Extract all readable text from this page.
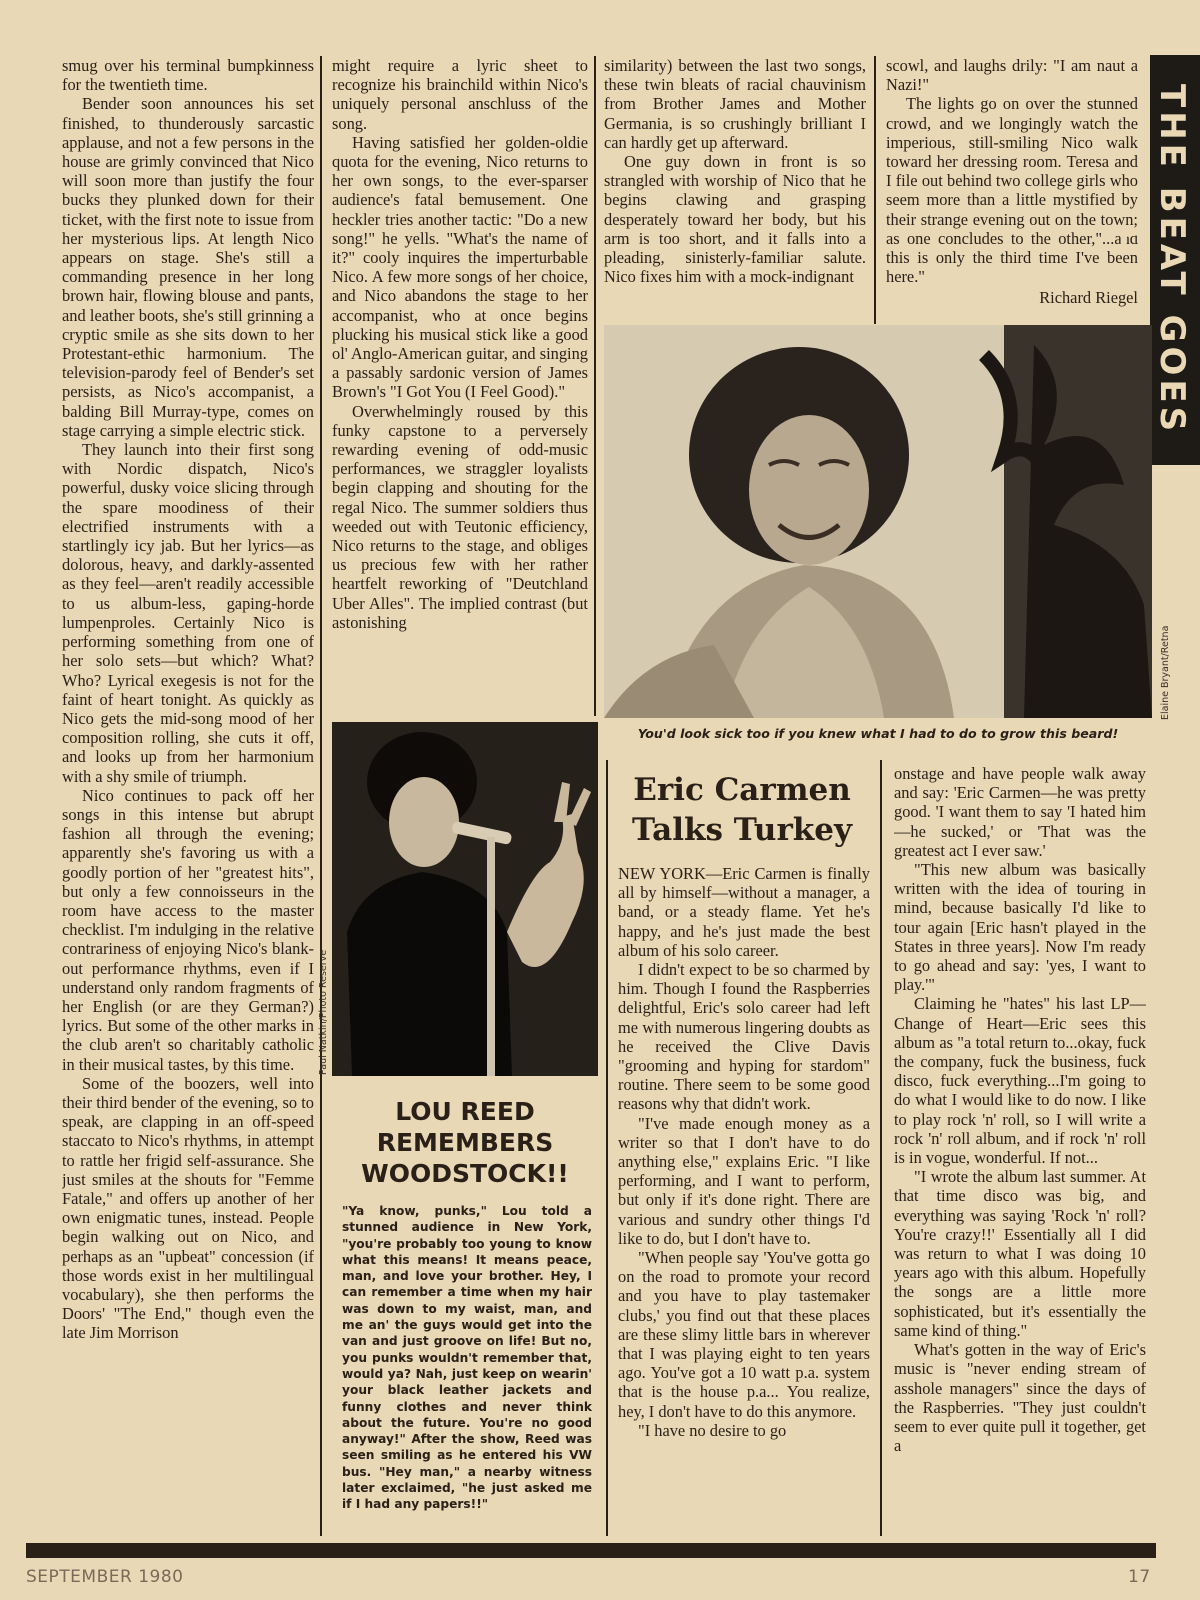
smug over his terminal bumpkinness for the twentieth time.

Bender soon announces his set finished, to thunderously sarcastic applause, and not a few persons in the house are grimly convinced that Nico will soon more than justify the four bucks they plunked down for their ticket, with the first note to issue from her mysterious lips. At length Nico appears on stage. She's still a commanding presence in her long brown hair, flowing blouse and pants, and leather boots, she's still grinning a cryptic smile as she sits down to her Protestant-ethic harmonium. The television-parody feel of Bender's set persists, as Nico's accompanist, a balding Bill Murray-type, comes on stage carrying a simple electric stick.

They launch into their first song with Nordic dispatch, Nico's powerful, dusky voice slicing through the spare moodiness of their electrified instruments with a startlingly icy jab. But her lyrics—as dolorous, heavy, and darkly-assented as they feel—aren't readily accessible to us album-less, gaping-horde lumpenproles. Certainly Nico is performing something from one of her solo sets—but which? What? Who? Lyrical exegesis is not for the faint of heart tonight. As quickly as Nico gets the mid-song mood of her composition rolling, she cuts it off, and looks up from her harmonium with a shy smile of triumph.

Nico continues to pack off her songs in this intense but abrupt fashion all through the evening; apparently she's favoring us with a goodly portion of her "greatest hits", but only a few connoisseurs in the room have access to the master checklist. I'm indulging in the relative contrariness of enjoying Nico's blank-out performance rhythms, even if I understand only random fragments of her English (or are they German?) lyrics. But some of the other marks in the club aren't so charitably catholic in their musical tastes, by this time.

Some of the boozers, well into their third bender of the evening, so to speak, are clapping in an off-speed staccato to Nico's rhythms, in attempt to rattle her frigid self-assurance. She just smiles at the shouts for "Femme Fatale," and offers up another of her own enigmatic tunes, instead. People begin walking out on Nico, and perhaps as an "upbeat" concession (if those words exist in her multilingual vocabulary), she then performs the Doors' "The End," though even the late Jim Morrison

might require a lyric sheet to recognize his brainchild within Nico's uniquely personal anschluss of the song.

Having satisfied her golden-oldie quota for the evening, Nico returns to her own songs, to the ever-sparser audience's fatal bemusement. One heckler tries another tactic: "Do a new song!" he yells. "What's the name of it?" cooly inquires the imperturbable Nico. A few more songs of her choice, and Nico abandons the stage to her accompanist, who at once begins plucking his musical stick like a good ol' Anglo-American guitar, and singing a passably sardonic version of James Brown's "I Got You (I Feel Good)."

Overwhelmingly roused by this funky capstone to a perversely rewarding evening of odd-music performances, we straggler loyalists begin clapping and shouting for the regal Nico. The summer soldiers thus weeded out with Teutonic efficiency, Nico returns to the stage, and obliges us precious few with her rather heartfelt reworking of "Deutchland Uber Alles". The implied contrast (but astonishing

similarity) between the last two songs, these twin bleats of racial chauvinism from Brother James and Mother Germania, is so crushingly brilliant I can hardly get up afterward.

One guy down in front is so strangled with worship of Nico that he begins clawing and grasping desperately toward her body, but his arm is too short, and it falls into a pleading, sinisterly-familiar salute. Nico fixes him with a mock-indignant

scowl, and laughs drily: "I am naut a Nazi!"

The lights go on over the stunned crowd, and we longingly watch the imperious, still-smiling Nico walk toward her dressing room. Teresa and I file out behind two college girls who seem more than a little mystified by their strange evening out on the town; as one concludes to the other,"...and this is only the third time I've been here."

Richard Riegel THE BEAT GOES ON
Elaine Bryant/Retna
You'd look sick too if you knew what I had to do to grow this beard!
Paul Natkin/Photo Reserve
LOU REED
REMEMBERS
WOODSTOCK!!
"Ya know, punks," Lou told a stunned audience in New York, "you're probably too young to know what this means! It means peace, man, and love your brother. Hey, I can remember a time when my hair was down to my waist, man, and me an' the guys would get into the van and just groove on life! But no, you punks wouldn't remember that, would ya? Nah, just keep on wearin' your black leather jackets and funny clothes and never think about the future. You're no good anyway!" After the show, Reed was seen smiling as he entered his VW bus. "Hey man," a nearby witness later exclaimed, "he just asked me if I had any papers!!"
Eric Carmen
Talks Turkey

NEW YORK—Eric Carmen is finally all by himself—without a manager, a band, or a steady flame. Yet he's happy, and he's just made the best album of his solo career.

I didn't expect to be so charmed by him. Though I found the Raspberries delightful, Eric's solo career had left me with numerous lingering doubts as he received the Clive Davis "grooming and hyping for stardom" routine. There seem to be some good reasons why that didn't work.

"I've made enough money as a writer so that I don't have to do anything else," explains Eric. "I like performing, and I want to perform, but only if it's done right. There are various and sundry other things I'd like to do, but I don't have to.

"When people say 'You've gotta go on the road to promote your record and you have to play tastemaker clubs,' you find out that these places are these slimy little bars in wherever that I was playing eight to ten years ago. You've got a 10 watt p.a. system that is the house p.a... You realize, hey, I don't have to do this anymore.

"I have no desire to go

onstage and have people walk away and say: 'Eric Carmen—he was pretty good. 'I want them to say 'I hated him—he sucked,' or 'That was the greatest act I ever saw.'

"This new album was basically written with the idea of touring in mind, because basically I'd like to tour again [Eric hasn't played in the States in three years]. Now I'm ready to go ahead and say: 'yes, I want to play.'"

Claiming he "hates" his last LP—Change of Heart—Eric sees this album as "a total return to...okay, fuck the company, fuck the business, fuck disco, fuck everything...I'm going to do what I would like to do now. I like to play rock 'n' roll, so I will write a rock 'n' roll album, and if rock 'n' roll is in vogue, wonderful. If not...

"I wrote the album last summer. At that time disco was big, and everything was saying 'Rock 'n' roll? You're crazy!!' Essentially all I did was return to what I was doing 10 years ago with this album. Hopefully the songs are a little more sophisticated, but it's essentially the same kind of thing."

What's gotten in the way of Eric's music is "never ending stream of asshole managers" since the days of the Raspberries. "They just couldn't seem to ever quite pull it together, get a

SEPTEMBER 1980	17
